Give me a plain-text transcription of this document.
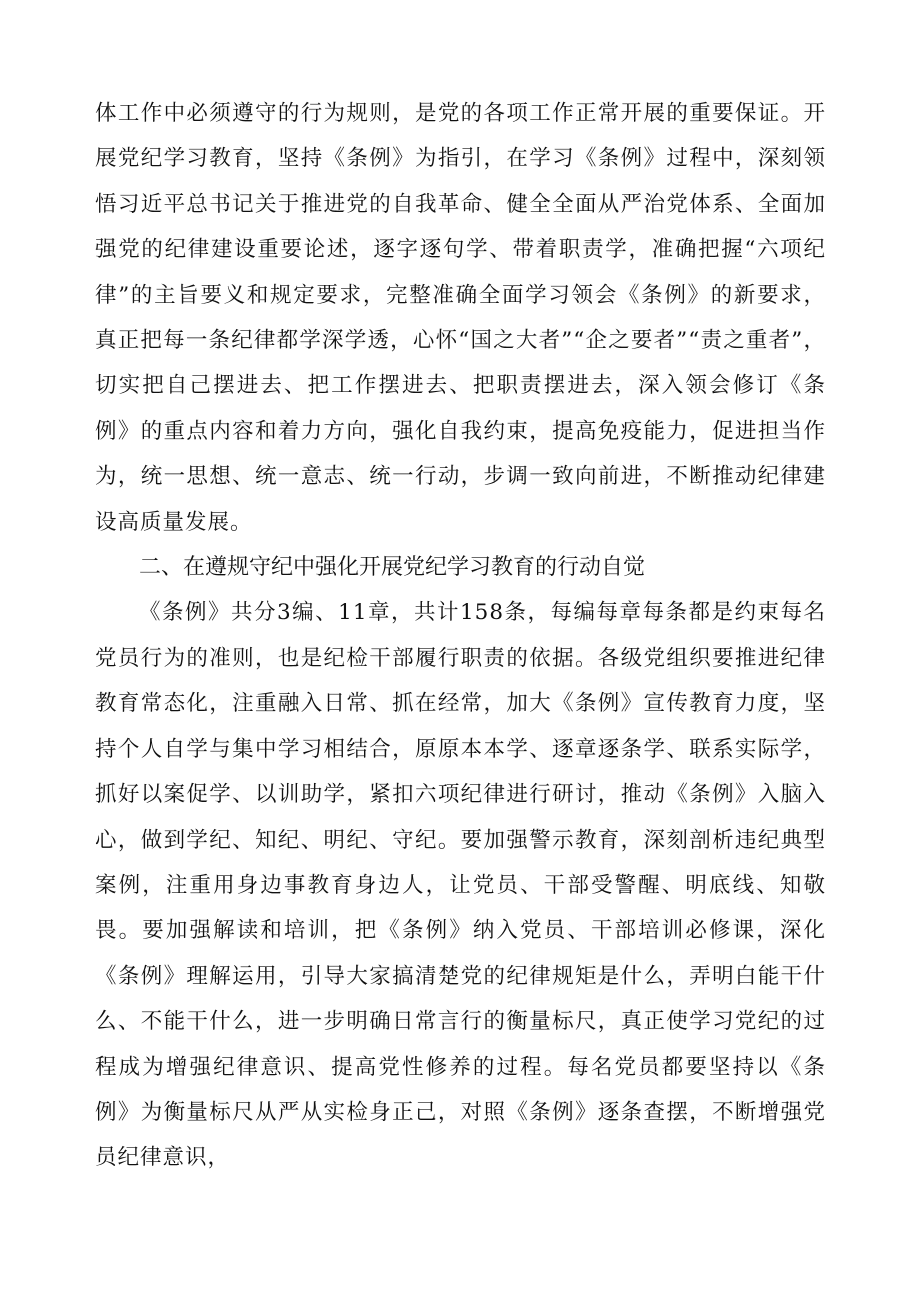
体工作中必须遵守的行为规则，是党的各项工作正常开展的重要保证。开展党纪学习教育，坚持《条例》为指引，在学习《条例》过程中，深刻领悟习近平总书记关于推进党的自我革命、健全全面从严治党体系、全面加强党的纪律建设重要论述，逐字逐句学、带着职责学，准确把握“六项纪律”的主旨要义和规定要求，完整准确全面学习领会《条例》的新要求，真正把每一条纪律都学深学透，心怀“国之大者”“企之要者”“责之重者”，切实把自己摆进去、把工作摆进去、把职责摆进去，深入领会修订《条例》的重点内容和着力方向，强化自我约束，提高免疫能力，促进担当作为，统一思想、统一意志、统一行动，步调一致向前进，不断推动纪律建设高质量发展。

二、在遵规守纪中强化开展党纪学习教育的行动自觉

《条例》共分3编、11章，共计158条，每编每章每条都是约束每名党员行为的准则，也是纪检干部履行职责的依据。各级党组织要推进纪律教育常态化，注重融入日常、抓在经常，加大《条例》宣传教育力度，坚持个人自学与集中学习相结合，原原本本学、逐章逐条学、联系实际学，抓好以案促学、以训助学，紧扣六项纪律进行研讨，推动《条例》入脑入心，做到学纪、知纪、明纪、守纪。要加强警示教育，深刻剖析违纪典型案例，注重用身边事教育身边人，让党员、干部受警醒、明底线、知敬畏。要加强解读和培训，把《条例》纳入党员、干部培训必修课，深化《条例》理解运用，引导大家搞清楚党的纪律规矩是什么，弄明白能干什么、不能干什么，进一步明确日常言行的衡量标尺，真正使学习党纪的过程成为增强纪律意识、提高党性修养的过程。每名党员都要坚持以《条例》为衡量标尺从严从实检身正己，对照《条例》逐条查摆，不断增强党员纪律意识，
